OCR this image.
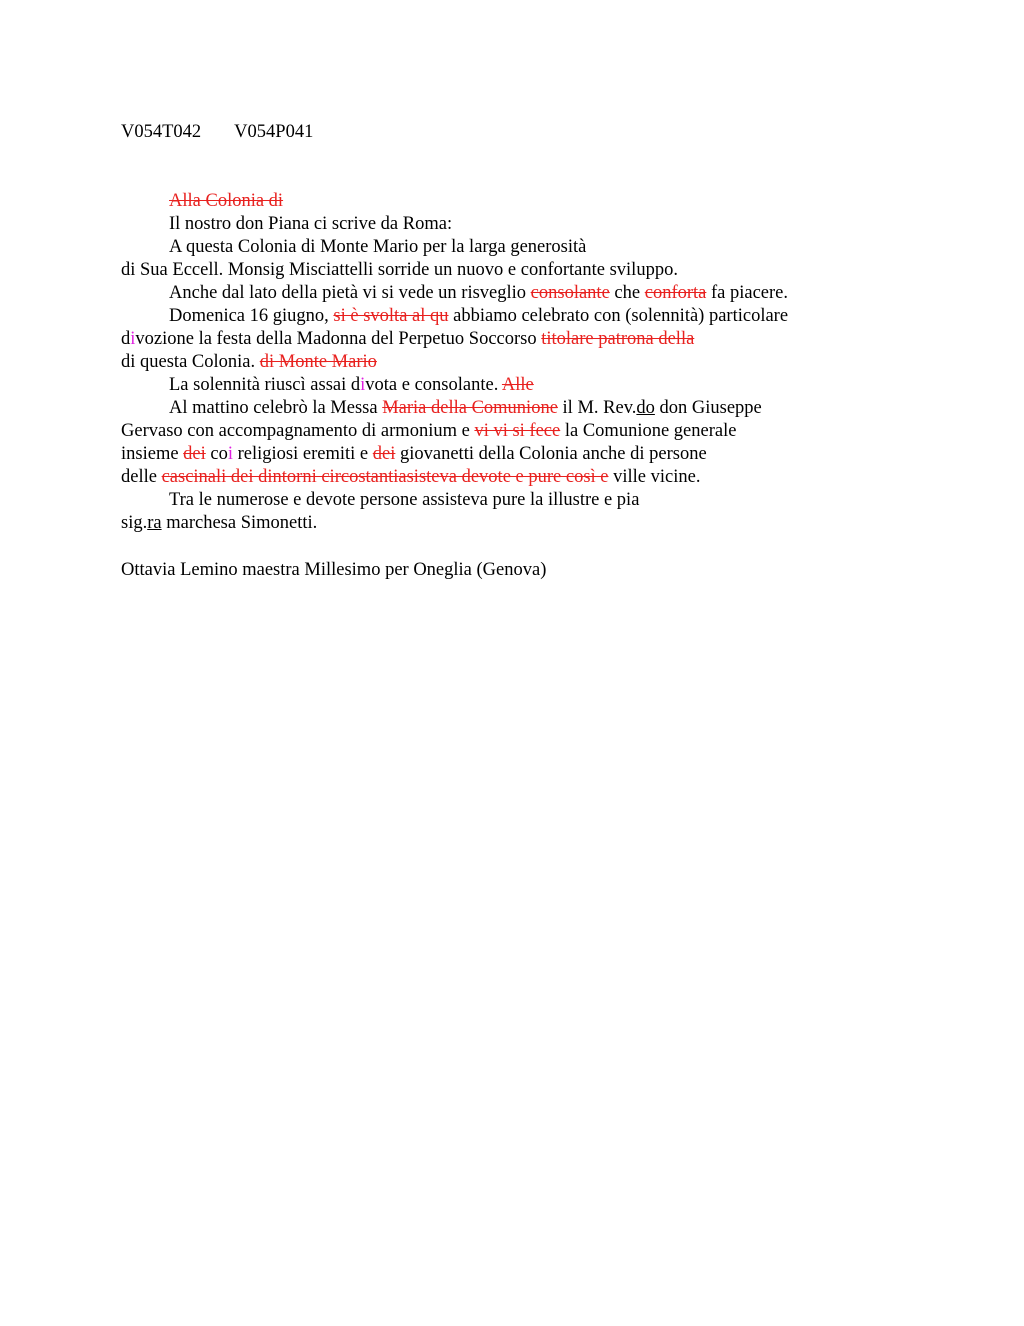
V054T042 V054P041
Alla Colonia di
Il nostro don Piana ci scrive da Roma:
A questa Colonia di Monte Mario per la larga generosità
di Sua Eccell. Monsig Misciattelli sorride un nuovo e confortante sviluppo.
Anche dal lato della pietà vi si vede un risveglio consolante che conforta fa piacere.
Domenica 16 giugno, si è svolta al qu abbiamo celebrato con (solennità) particolare
divozione la festa della Madonna del Perpetuo Soccorso titolare patrona della
di questa Colonia. di Monte Mario
La solennità riuscì assai divota e consolante. Alle
Al mattino celebrò la Messa Maria della Comunione il M. Rev.do don Giuseppe
Gervaso con accompagnamento di armonium e vi vi si fece la Comunione generale
insieme dei coi religiosi eremiti e dei giovanetti della Colonia anche di persone
delle cascinali dei dintorni circostantiasisteva devote e pure così e ville vicine.
Tra le numerose e devote persone assisteva pure la illustre e pia
sig.ra marchesa Simonetti.
Ottavia Lemino maestra Millesimo per Oneglia (Genova)
